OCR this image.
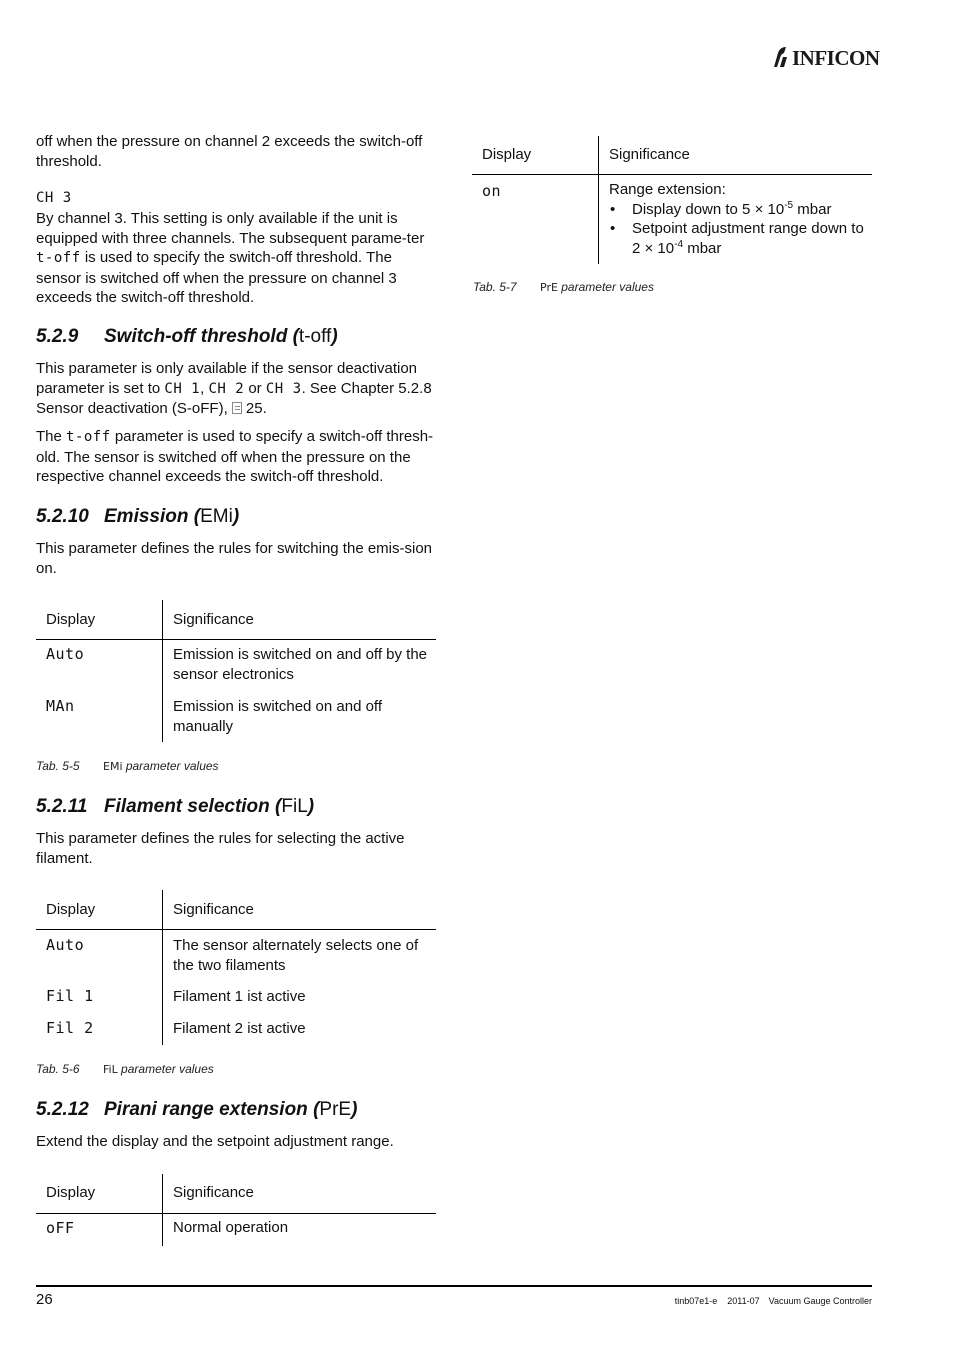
INFICON
off when the pressure on channel 2 exceeds the switch-off threshold.
CH 3
By channel 3. This setting is only available if the unit is equipped with three channels. The subsequent parame-ter t-off is used to specify the switch-off threshold. The sensor is switched off when the pressure on channel 3 exceeds the switch-off threshold.
5.2.9 Switch-off threshold (t-off)
This parameter is only available if the sensor deactivation parameter is set to CH 1, CH 2 or CH 3. See Chapter 5.2.8 Sensor deactivation (S-oFF), 25.
The t-off parameter is used to specify a switch-off thresh-old. The sensor is switched off when the pressure on the respective channel exceeds the switch-off threshold.
5.2.10 Emission (EMi)
This parameter defines the rules for switching the emis-sion on.
Display	Significance
Auto	Emission is switched on and off by the sensor electronics
MAn	Emission is switched on and off manually
Tab. 5-5 EMi parameter values
5.2.11 Filament selection (FiL)
This parameter defines the rules for selecting the active filament.
Display	Significance
Auto	The sensor alternately selects one of the two filaments
Fil 1	Filament 1 ist active
Fil 2	Filament 2 ist active
Tab. 5-6 FiL parameter values
5.2.12 Pirani range extension (PrE)
Extend the display and the setpoint adjustment range.
Display	Significance
oFF	Normal operation
Display	Significance
on	Range extension:
• Display down to $5 \times 10^{-5}$ mbar
• Setpoint adjustment range down to $2 \times 10^{-4}$ mbar
Tab. 5-7 PrE parameter values
26	tinb07e1-e 2011-07 Vacuum Gauge Controller
